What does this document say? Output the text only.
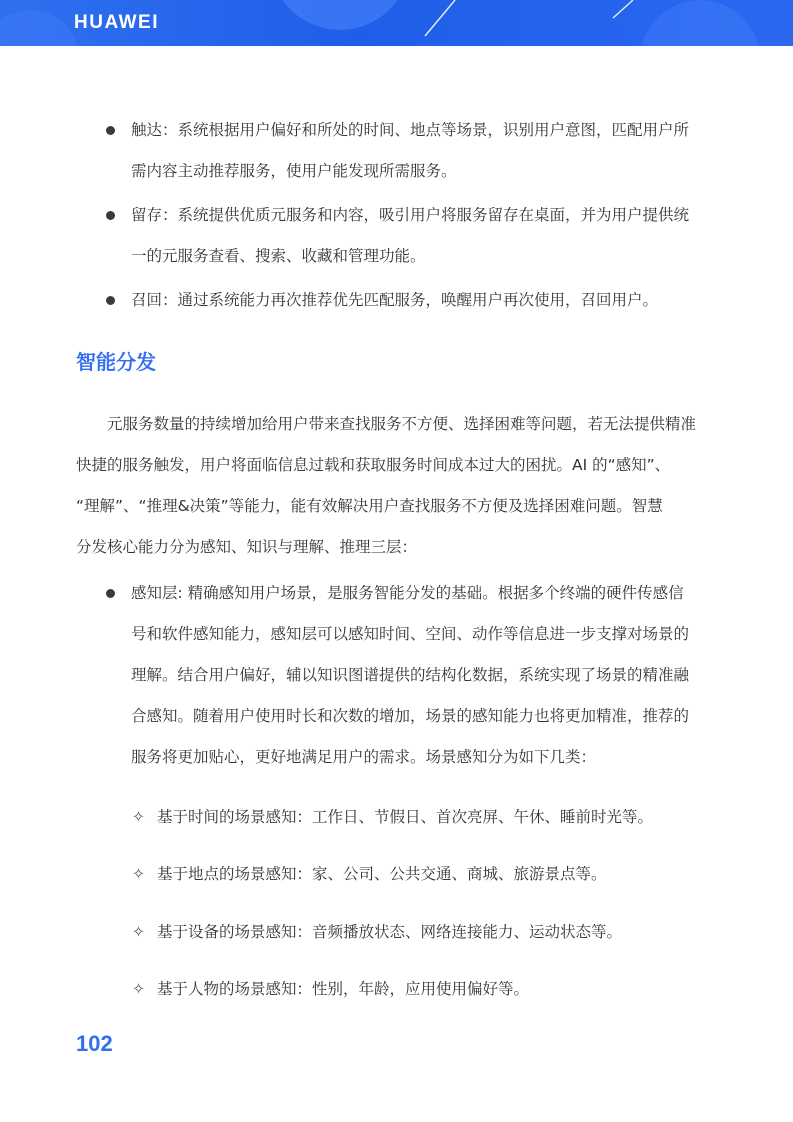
HUAWEI
触达：系统根据用户偏好和所处的时间、地点等场景，识别用户意图，匹配用户所
需内容主动推荐服务，使用户能发现所需服务。
留存：系统提供优质元服务和内容，吸引用户将服务留存在桌面，并为用户提供统
一的元服务查看、搜索、收藏和管理功能。
召回：通过系统能力再次推荐优先匹配服务，唤醒用户再次使用，召回用户。
智能分发
　　元服务数量的持续增加给用户带来查找服务不方便、选择困难等问题，若无法提供精准
快捷的服务触发，用户将面临信息过载和获取服务时间成本过大的困扰。AI 的“感知”、
“理解”、“推理&决策”等能力，能有效解决用户查找服务不方便及选择困难问题。智慧
分发核心能力分为感知、知识与理解、推理三层：
感知层: 精确感知用户场景，是服务智能分发的基础。根据多个终端的硬件传感信
号和软件感知能力，感知层可以感知时间、空间、动作等信息进一步支撑对场景的
理解。结合用户偏好，辅以知识图谱提供的结构化数据，系统实现了场景的精准融
合感知。随着用户使用时长和次数的增加，场景的感知能力也将更加精准，推荐的
服务将更加贴心，更好地满足用户的需求。场景感知分为如下几类：
✧ 基于时间的场景感知：工作日、节假日、首次亮屏、午休、睡前时光等。
✧ 基于地点的场景感知：家、公司、公共交通、商城、旅游景点等。
✧ 基于设备的场景感知：音频播放状态、网络连接能力、运动状态等。
✧ 基于人物的场景感知：性别，年龄，应用使用偏好等。
102
